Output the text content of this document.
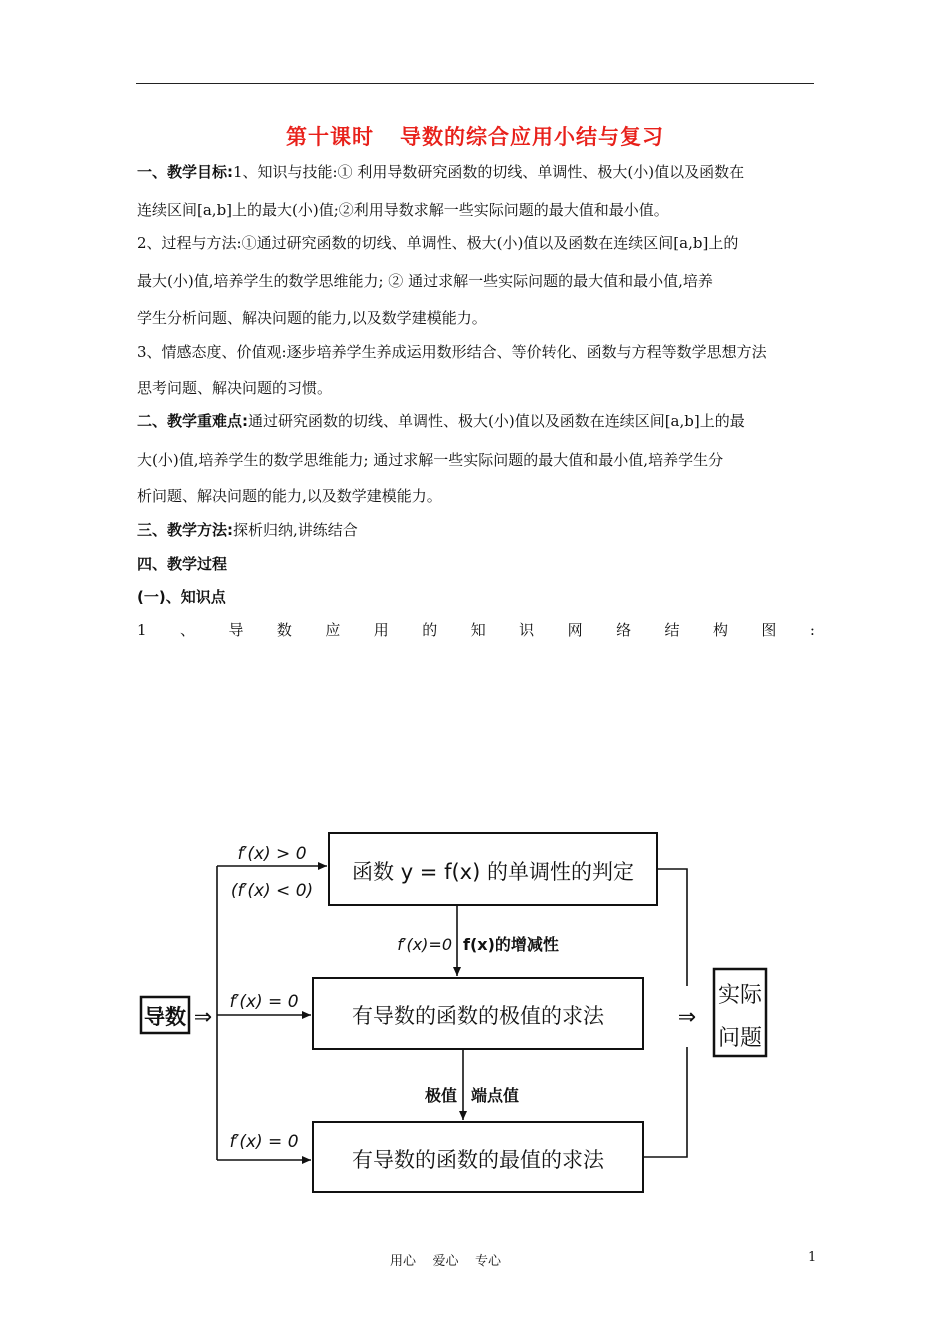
第十课时 导数的综合应用小结与复习
一、教学目标:1、知识与技能:① 利用导数研究函数的切线、单调性、极大(小)值以及函数在
连续区间[a,b]上的最大(小)值;②利用导数求解一些实际问题的最大值和最小值。
2、过程与方法:①通过研究函数的切线、单调性、极大(小)值以及函数在连续区间[a,b]上的
最大(小)值,培养学生的数学思维能力; ② 通过求解一些实际问题的最大值和最小值,培养
学生分析问题、解决问题的能力,以及数学建模能力。
3、情感态度、价值观:逐步培养学生养成运用数形结合、等价转化、函数与方程等数学思想方法
思考问题、解决问题的习惯。
二、教学重难点:通过研究函数的切线、单调性、极大(小)值以及函数在连续区间[a,b]上的最
大(小)值,培养学生的数学思维能力; 通过求解一些实际问题的最大值和最小值,培养学生分
析问题、解决问题的能力,以及数学建模能力。
三、教学方法:探析归纳,讲练结合
四、教学过程
(一)、知识点
1 、 导 数 应 用 的 知 识 网 络 结 构 图 :
导数 ⇒
f′(x) > 0
(f′(x) < 0)
f′(x) = 0
f′(x) = 0
函数 y = f(x) 的单调性的判定
f′(x)=0 f(x)的增减性
有导数的函数的极值的求法
极值 端点值
有导数的函数的最值的求法
⇒
实际
问题
用心    爱心    专心	1
